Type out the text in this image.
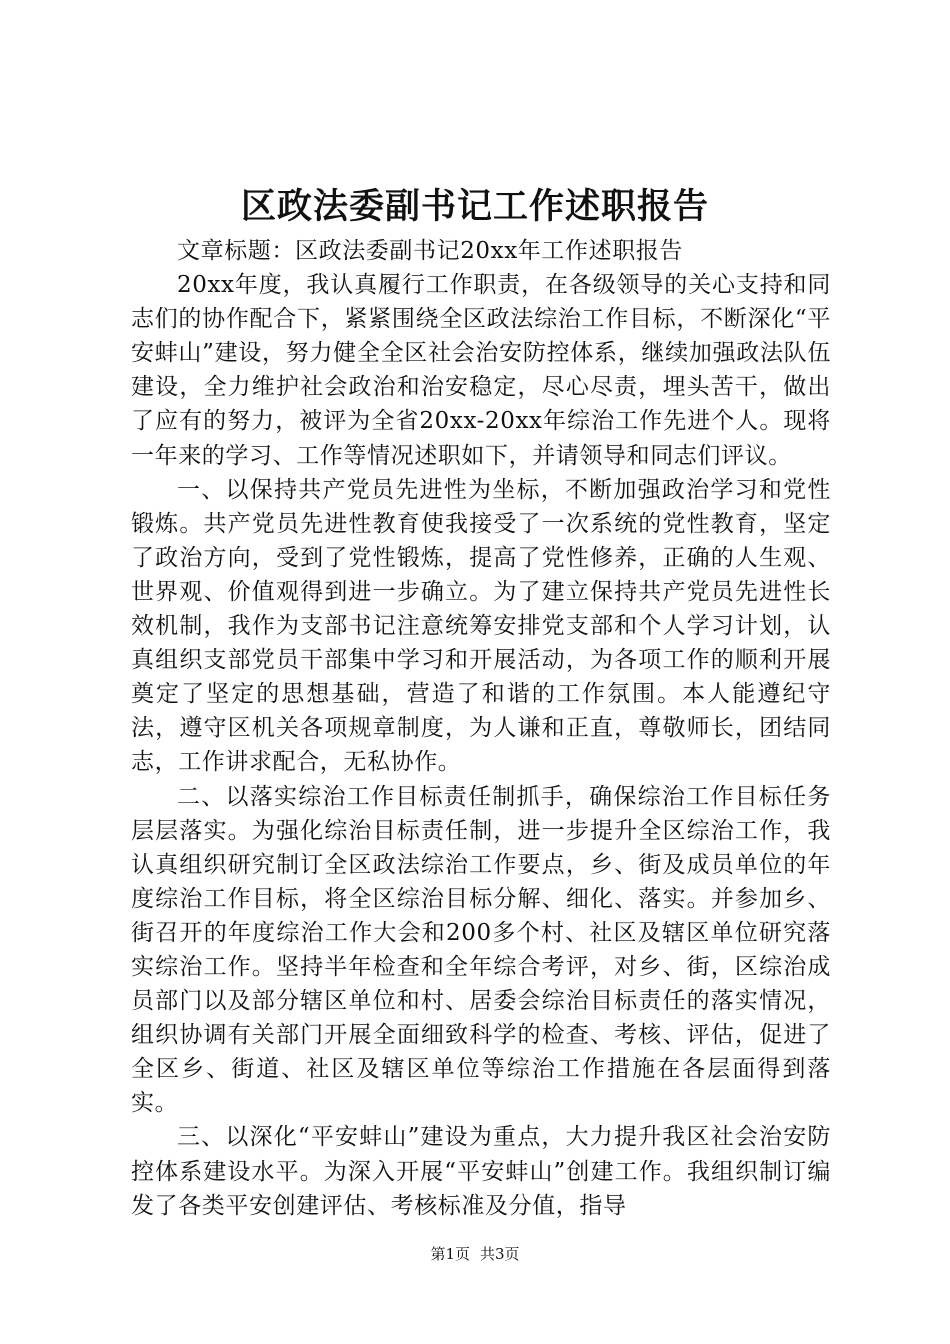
区政法委副书记工作述职报告

文章标题：区政法委副书记20xx年工作述职报告

20xx年度，我认真履行工作职责，在各级领导的关心支持和同志们的协作配合下，紧紧围绕全区政法综治工作目标，不断深化“平安蚌山”建设，努力健全全区社会治安防控体系，继续加强政法队伍建设，全力维护社会政治和治安稳定，尽心尽责，埋头苦干，做出了应有的努力，被评为全省20xx-20xx年综治工作先进个人。现将一年来的学习、工作等情况述职如下，并请领导和同志们评议。

一、以保持共产党员先进性为坐标，不断加强政治学习和党性锻炼。共产党员先进性教育使我接受了一次系统的党性教育，坚定了政治方向，受到了党性锻炼，提高了党性修养，正确的人生观、世界观、价值观得到进一步确立。为了建立保持共产党员先进性长效机制，我作为支部书记注意统筹安排党支部和个人学习计划，认真组织支部党员干部集中学习和开展活动，为各项工作的顺利开展奠定了坚定的思想基础，营造了和谐的工作氛围。本人能遵纪守法，遵守区机关各项规章制度，为人谦和正直，尊敬师长，团结同志，工作讲求配合，无私协作。

二、以落实综治工作目标责任制抓手，确保综治工作目标任务层层落实。为强化综治目标责任制，进一步提升全区综治工作，我认真组织研究制订全区政法综治工作要点，乡、街及成员单位的年度综治工作目标，将全区综治目标分解、细化、落实。并参加乡、街召开的年度综治工作大会和200多个村、社区及辖区单位研究落实综治工作。坚持半年检查和全年综合考评，对乡、街，区综治成员部门以及部分辖区单位和村、居委会综治目标责任的落实情况，组织协调有关部门开展全面细致科学的检查、考核、评估，促进了全区乡、街道、社区及辖区单位等综治工作措施在各层面得到落实。

三、以深化“平安蚌山”建设为重点，大力提升我区社会治安防控体系建设水平。为深入开展“平安蚌山”创建工作。我组织制订编发了各类平安创建评估、考核标准及分值，指导

第1页 共3页
